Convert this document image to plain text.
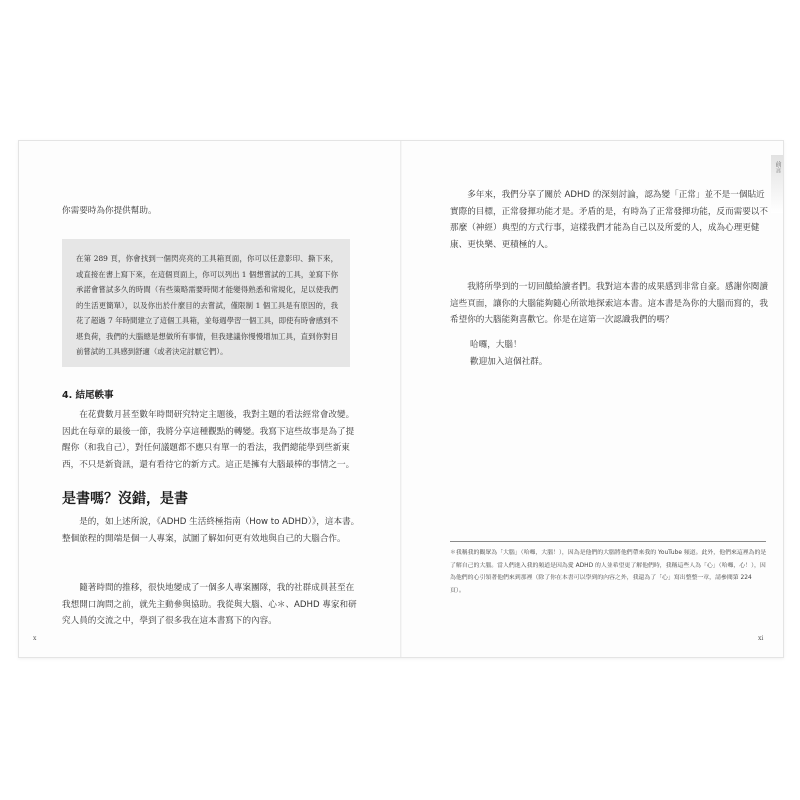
你需要時為你提供幫助。

在第 289 頁，你會找到一個閃亮亮的工具箱頁面，你可以任意影印、撕下來，或直接在書上寫下來，在這個頁面上，你可以列出 1 個想嘗試的工具，並寫下你承諾會嘗試多久的時間（有些策略需要時間才能變得熟悉和常規化，足以使我們的生活更簡單），以及你出於什麼目的去嘗試，僅限制 1 個工具是有原因的，我花了超過 7 年時間建立了這個工具箱，並每週學習一個工具，即使有時會感到不堪負荷，我們的大腦總是想做所有事情，但我建議你慢慢增加工具，直到你對目前嘗試的工具感到舒適（或者決定討厭它們）。

4. 結尾軼事

在花費數月甚至數年時間研究特定主題後，我對主題的看法經常會改變。因此在每章的最後一節，我將分享這種觀點的轉變。我寫下這些故事是為了提醒你（和我自己），對任何議題都不應只有單一的看法，我們總能學到些新東西，不只是新資訊，還有看待它的新方式。這正是擁有大腦最棒的事情之一。

是書嗎？沒錯，是書

是的，如上述所說，《ADHD 生活終極指南（How to ADHD）》，這本書。整個旅程的開端是個一人專案，試圖了解如何更有效地與自己的大腦合作。

隨著時間的推移，很快地變成了一個多人專案團隊，我的社群成員甚至在我想開口詢問之前，就先主動參與協助。我從與大腦、心＊、ADHD 專家和研究人員的交流之中，學到了很多我在這本書寫下的內容。

x

多年來，我們分享了關於 ADHD 的深刻討論，認為變「正常」並不是一個貼近實際的目標，正常發揮功能才是。矛盾的是，有時為了正常發揮功能，反而需要以不那麼（神經）典型的方式行事，這樣我們才能為自己以及所愛的人，成為心理更健康、更快樂、更積極的人。

我將所學到的一切回饋給讀者們。我對這本書的成果感到非常自豪。感謝你閱讀這些頁面，讓你的大腦能夠隨心所欲地探索這本書。這本書是為你的大腦而寫的，我希望你的大腦能夠喜歡它。你是在這第一次認識我們的嗎？

哈囉，大腦！

歡迎加入這個社群。

xi
前言

＊我稱我的觀眾為「大腦」（哈囉，大腦！），因為是他們的大腦將他們帶來我的 YouTube 頻道。此外，他們來這裡為的是了解自己的大腦。當人們進入我的頻道是因為愛 ADHD 的人並希望更了解他們時，我稱這些人為「心」（哈囉，心！），因為他們的心引領著他們來到那裡（除了你在本書可以學到的內容之外，我還為了「心」寫出整整一章，請參閱第 224 頁）。
